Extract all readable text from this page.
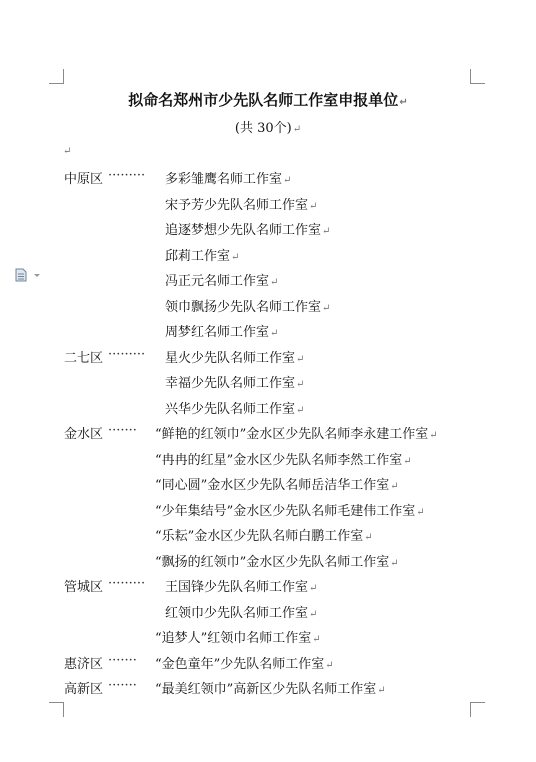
拟命名郑州市少先队名师工作室申报单位↵
(共 30个)↵
↵
中原区 ········· 多彩雏鹰名师工作室↵
宋予芳少先队名师工作室↵
追逐梦想少先队名师工作室↵
邱莉工作室↵
冯正元名师工作室↵
领巾飘扬少先队名师工作室↵
周梦红名师工作室↵
二七区 ········· 星火少先队名师工作室↵
幸福少先队名师工作室↵
兴华少先队名师工作室↵
金水区 ······· “鲜艳的红领巾”金水区少先队名师李永建工作室↵
“冉冉的红星”金水区少先队名师李然工作室↵
“同心圆”金水区少先队名师岳洁华工作室↵
“少年集结号”金水区少先队名师毛建伟工作室↵
“乐耘”金水区少先队名师白鹏工作室↵
“飘扬的红领巾”金水区少先队名师工作室↵
管城区 ········· 王国锋少先队名师工作室↵
红领巾少先队名师工作室↵
“追梦人”红领巾名师工作室↵
惠济区 ······· “金色童年”少先队名师工作室↵
高新区 ······· “最美红领巾”高新区少先队名师工作室↵
